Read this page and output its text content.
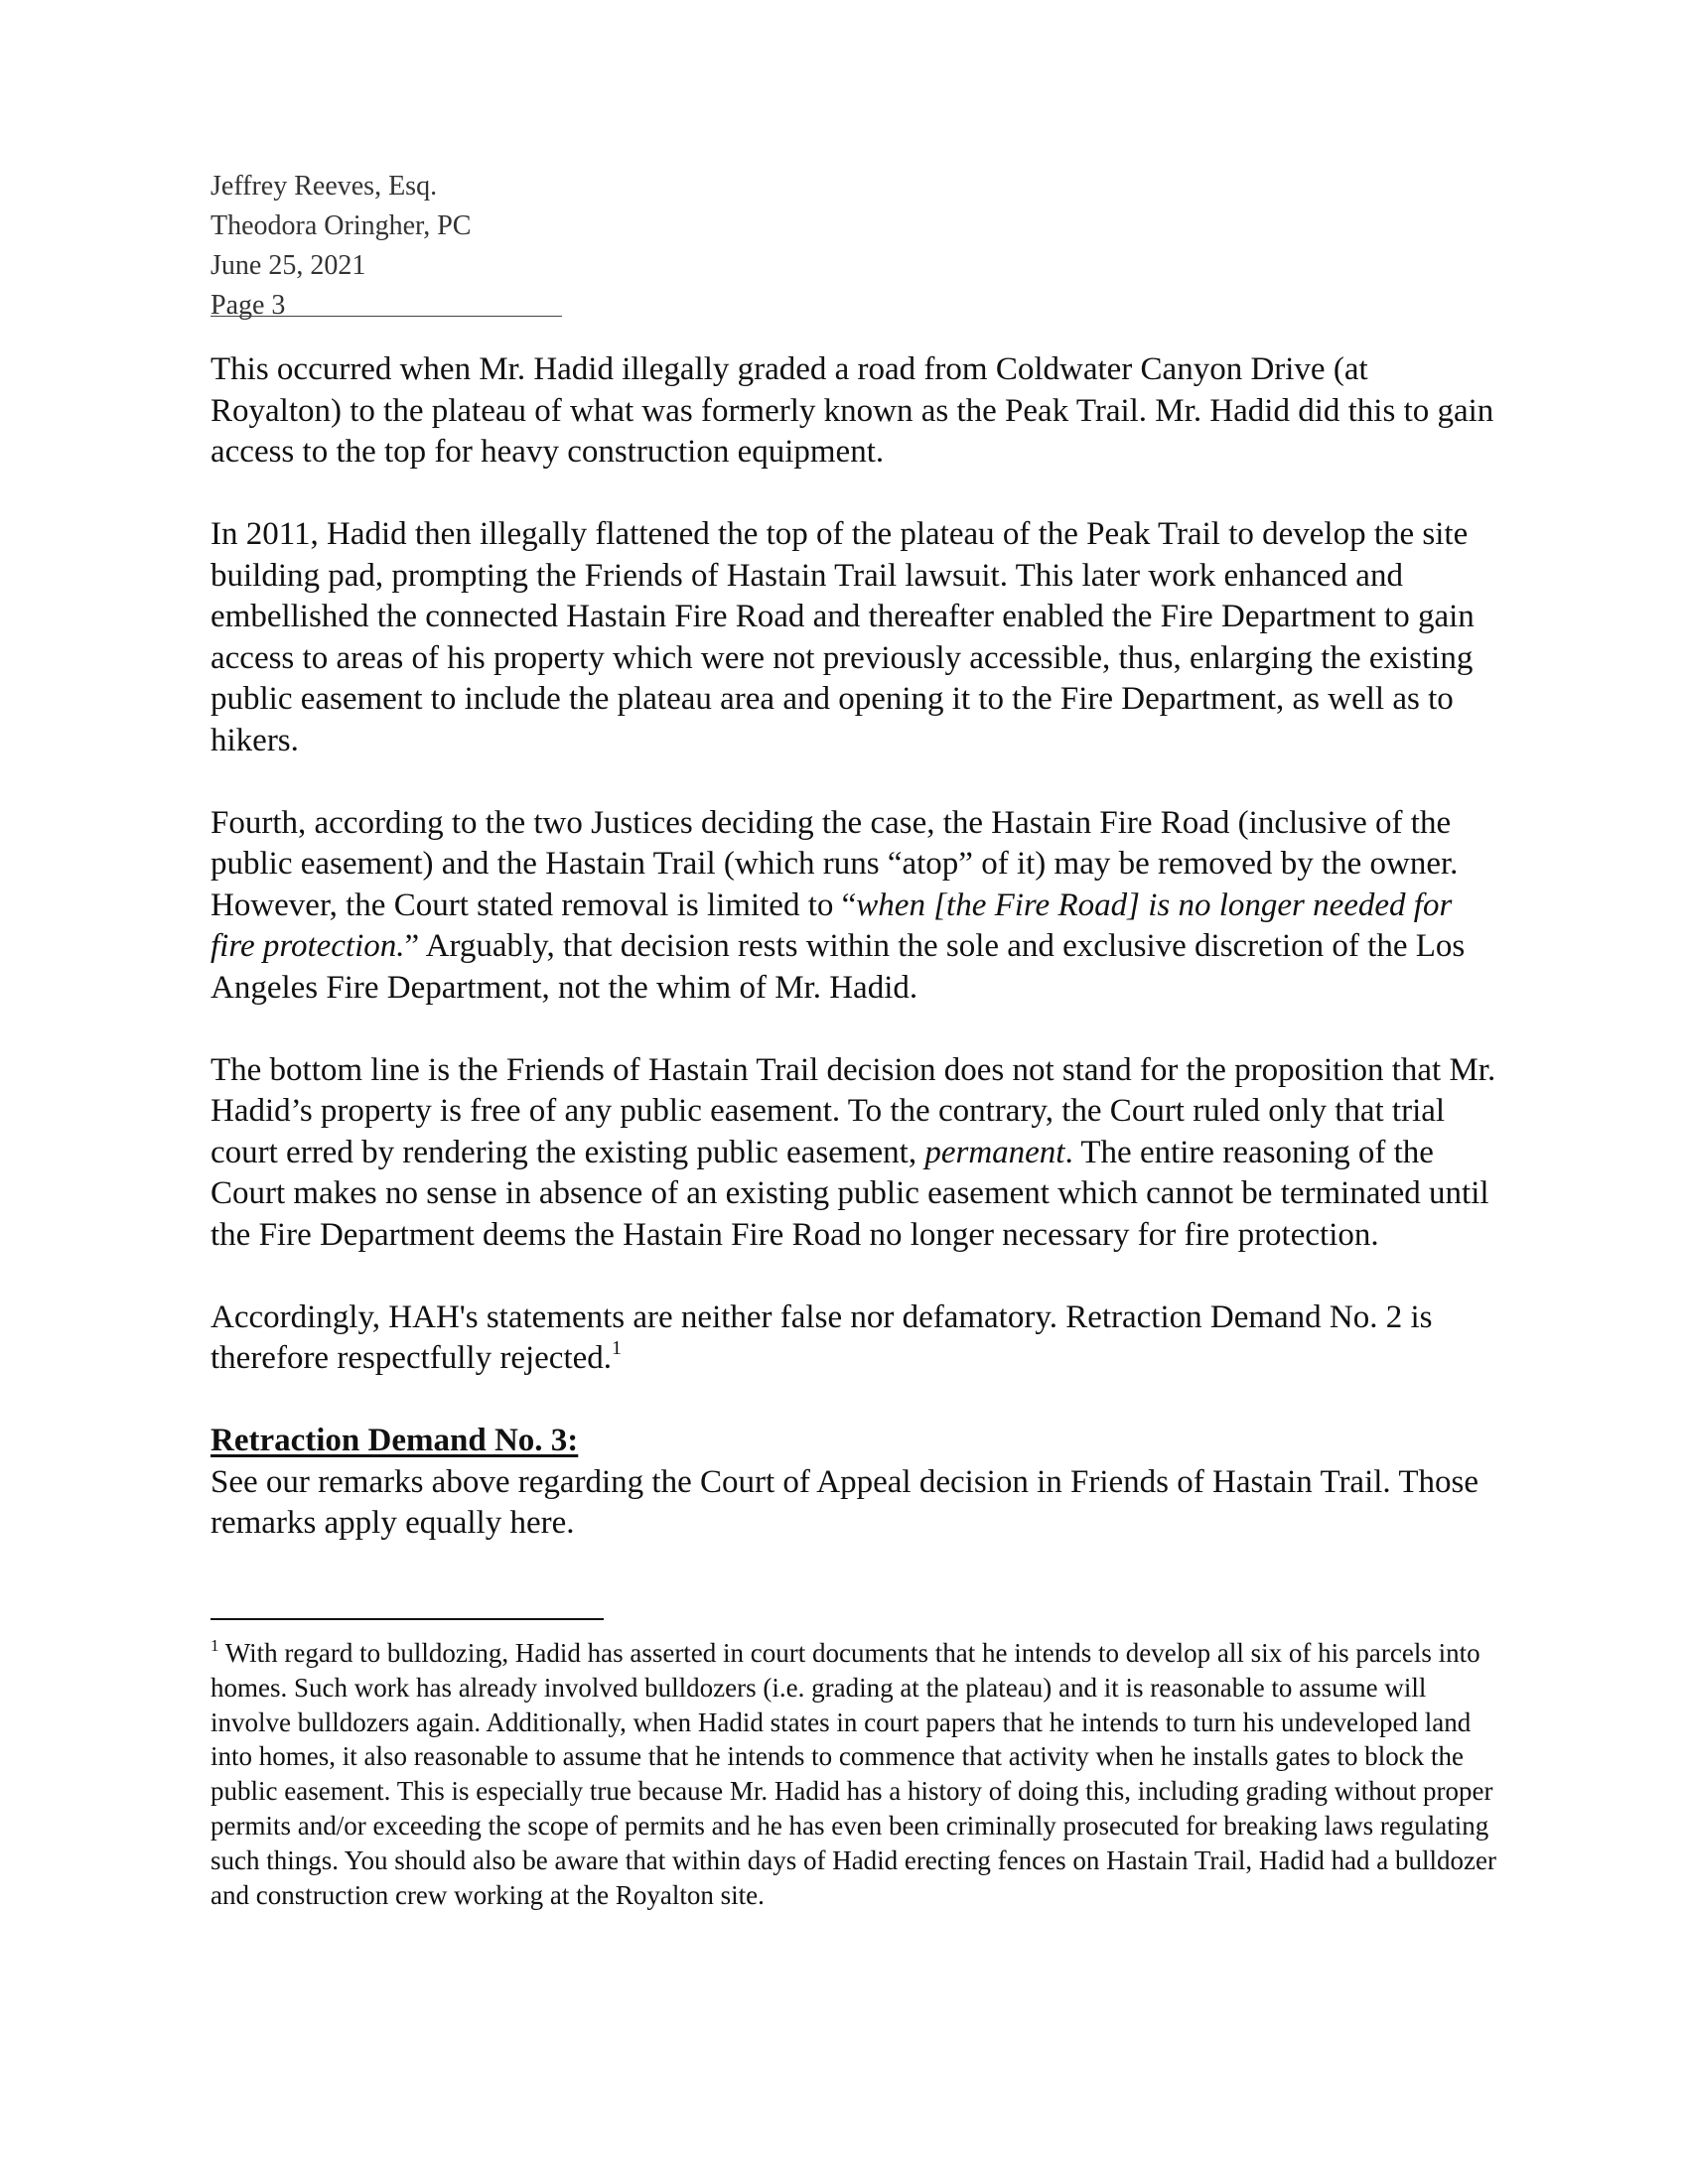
Jeffrey Reeves, Esq.
Theodora Oringher, PC
June 25, 2021
Page 3

This occurred when Mr. Hadid illegally graded a road from Coldwater Canyon Drive (at Royalton) to the plateau of what was formerly known as the Peak Trail. Mr. Hadid did this to gain access to the top for heavy construction equipment.

In 2011, Hadid then illegally flattened the top of the plateau of the Peak Trail to develop the site building pad, prompting the Friends of Hastain Trail lawsuit. This later work enhanced and embellished the connected Hastain Fire Road and thereafter enabled the Fire Department to gain access to areas of his property which were not previously accessible, thus, enlarging the existing public easement to include the plateau area and opening it to the Fire Department, as well as to hikers.

Fourth, according to the two Justices deciding the case, the Hastain Fire Road (inclusive of the public easement) and the Hastain Trail (which runs “atop” of it) may be removed by the owner. However, the Court stated removal is limited to “when [the Fire Road] is no longer needed for fire protection.” Arguably, that decision rests within the sole and exclusive discretion of the Los Angeles Fire Department, not the whim of Mr. Hadid.

The bottom line is the Friends of Hastain Trail decision does not stand for the proposition that Mr. Hadid’s property is free of any public easement. To the contrary, the Court ruled only that trial court erred by rendering the existing public easement, permanent. The entire reasoning of the Court makes no sense in absence of an existing public easement which cannot be terminated until the Fire Department deems the Hastain Fire Road no longer necessary for fire protection.

Accordingly, HAH's statements are neither false nor defamatory. Retraction Demand No. 2 is therefore respectfully rejected.$^1$

Retraction Demand No. 3:

See our remarks above regarding the Court of Appeal decision in Friends of Hastain Trail. Those remarks apply equally here.

$^1$ With regard to bulldozing, Hadid has asserted in court documents that he intends to develop all six of his parcels into homes. Such work has already involved bulldozers (i.e. grading at the plateau) and it is reasonable to assume will involve bulldozers again. Additionally, when Hadid states in court papers that he intends to turn his undeveloped land into homes, it also reasonable to assume that he intends to commence that activity when he installs gates to block the public easement. This is especially true because Mr. Hadid has a history of doing this, including grading without proper permits and/or exceeding the scope of permits and he has even been criminally prosecuted for breaking laws regulating such things. You should also be aware that within days of Hadid erecting fences on Hastain Trail, Hadid had a bulldozer and construction crew working at the Royalton site.
